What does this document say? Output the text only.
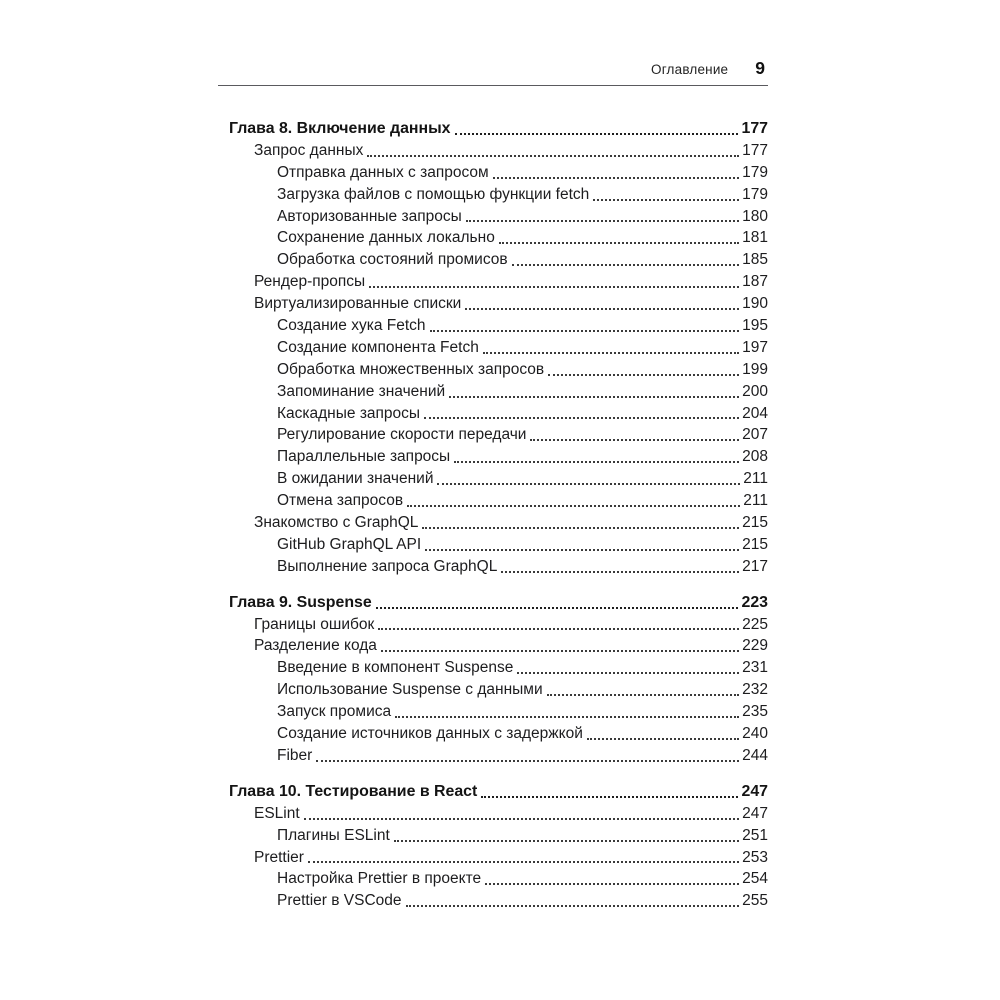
Оглавление 9
Глава 8. Включение данных	177
Запрос данных	177
Отправка данных с запросом	179
Загрузка файлов с помощью функции fetch	179
Авторизованные запросы	180
Сохранение данных локально	181
Обработка состояний промисов	185
Рендер-пропсы	187
Виртуализированные списки	190
Создание хука Fetch	195
Создание компонента Fetch	197
Обработка множественных запросов	199
Запоминание значений	200
Каскадные запросы	204
Регулирование скорости передачи	207
Параллельные запросы	208
В ожидании значений	211
Отмена запросов	211
Знакомство с GraphQL	215
GitHub GraphQL API	215
Выполнение запроса GraphQL	217
Глава 9. Suspense	223
Границы ошибок	225
Разделение кода	229
Введение в компонент Suspense	231
Использование Suspense с данными	232
Запуск промиса	235
Создание источников данных с задержкой	240
Fiber	244
Глава 10. Тестирование в React	247
ESLint	247
Плагины ESLint	251
Prettier	253
Настройка Prettier в проекте	254
Prettier в VSCode	255
